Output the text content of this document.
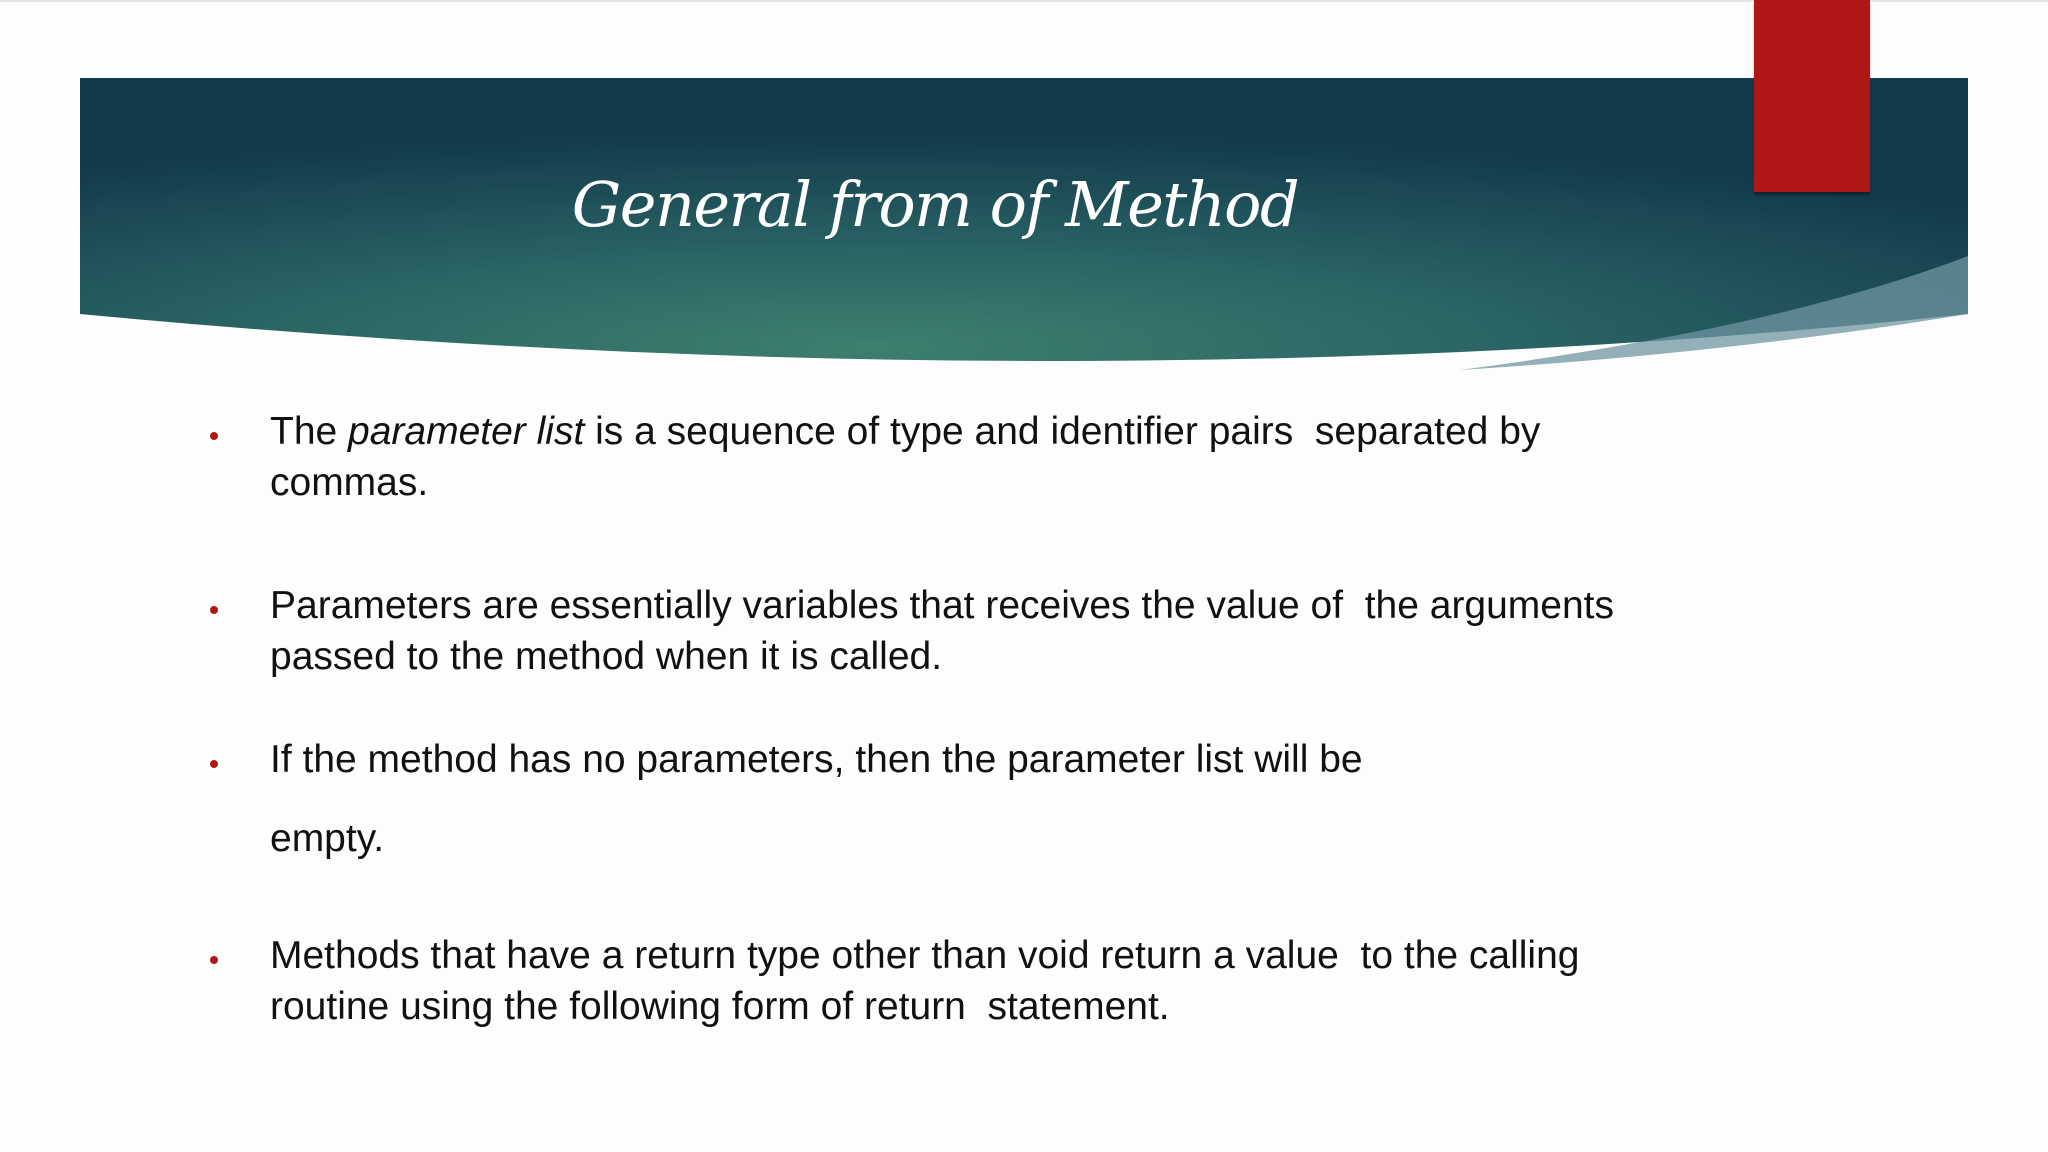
General from of Method
The parameter list is a sequence of type and identifier pairs  separated by
commas.
Parameters are essentially variables that receives the value of  the arguments
passed to the method when it is called.
If the method has no parameters, then the parameter list will be
empty.
Methods that have a return type other than void return a value  to the calling
routine using the following form of return  statement.
